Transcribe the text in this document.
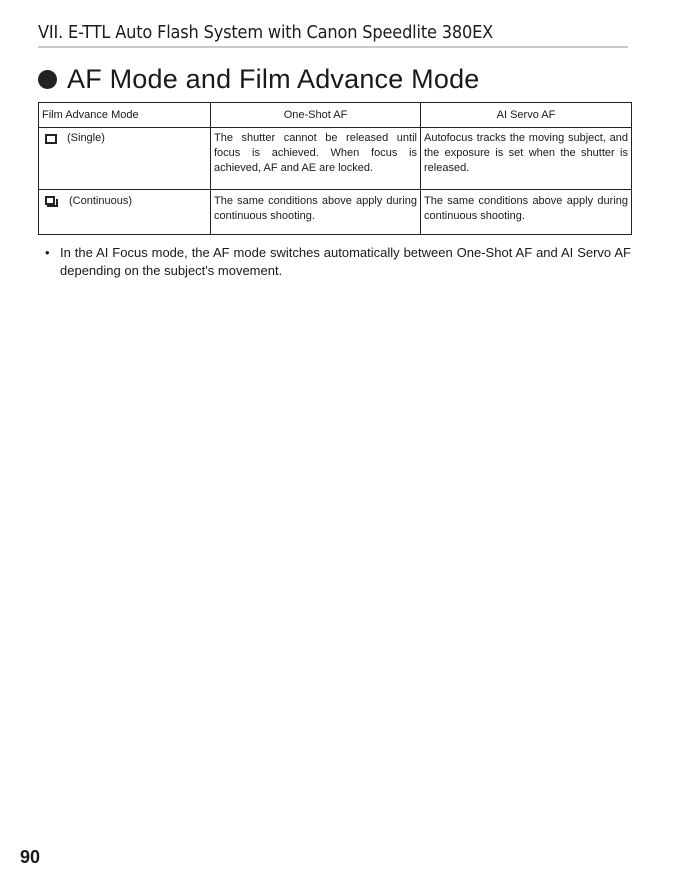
VII. E-TTL Auto Flash System with Canon Speedlite 380EX
AF Mode and Film Advance Mode
Film Advance Mode	One-Shot AF	AI Servo AF

(Single)	The shutter cannot be released until focus is achieved. When focus is achieved, AF and AE are locked.	Autofocus tracks the moving subject, and the exposure is set when the shutter is released.

(Continuous)	The same conditions above apply during continuous shooting.	The same conditions above apply during continuous shooting.
• In the AI Focus mode, the AF mode switches automatically between One-Shot AF and AI Servo AF depending on the subject's movement.
90
